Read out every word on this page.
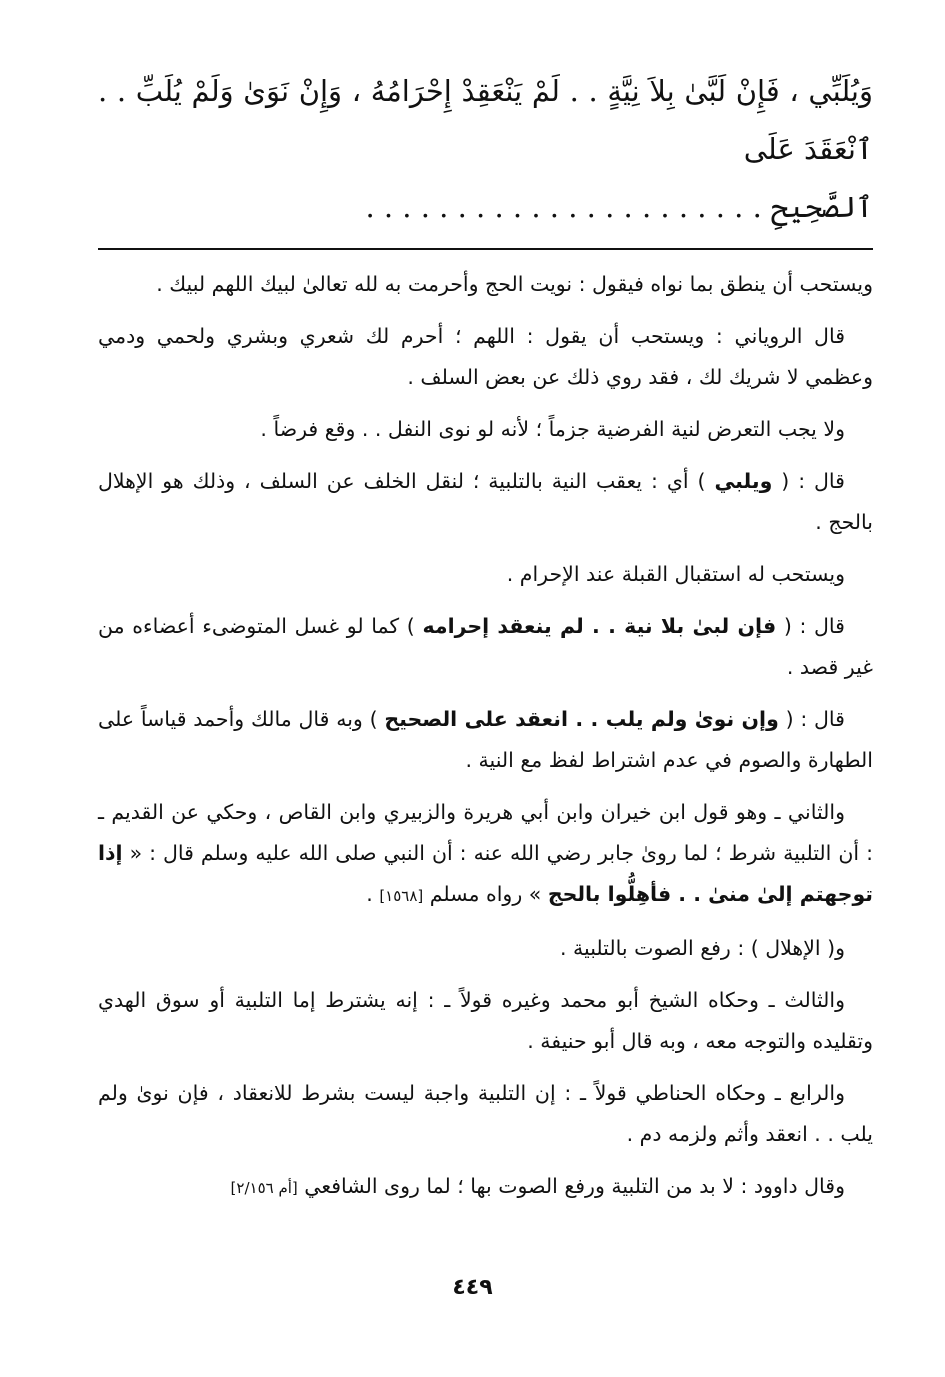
وَيُلَبِّي ، فَإِنْ لَبَّىٰ بِلاَ نِيَّةٍ . . لَمْ يَنْعَقِدْ إِحْرَامُهُ ، وَإِنْ نَوَىٰ وَلَمْ يُلَبِّ . . ٱنْعَقَدَ عَلَى

ٱلصَّحِيحِ . . . . . . . . . . . . . . . . . . . . . .

ويستحب أن ينطق بما نواه فيقول : نويت الحج وأحرمت به لله تعالىٰ لبيك اللهم لبيك .

قال الروياني : ويستحب أن يقول : اللهم ؛ أحرم لك شعري وبشري ولحمي ودمي وعظمي لا شريك لك ، فقد روي ذلك عن بعض السلف .

ولا يجب التعرض لنية الفرضية جزماً ؛ لأنه لو نوى النفل . . وقع فرضاً .

قال : ( ويلبي ) أي : يعقب النية بالتلبية ؛ لنقل الخلف عن السلف ، وذلك هو الإهلال بالحج .

ويستحب له استقبال القبلة عند الإحرام .

قال : ( فإن لبىٰ بلا نية . . لم ينعقد إحرامه ) كما لو غسل المتوضىء أعضاءه من غير قصد .

قال : ( وإن نوىٰ ولم يلب . . انعقد على الصحيح ) وبه قال مالك وأحمد قياساً على الطهارة والصوم في عدم اشتراط لفظ مع النية .

والثاني ـ وهو قول ابن خيران وابن أبي هريرة والزبيري وابن القاص ، وحكي عن القديم ـ : أن التلبية شرط ؛ لما روىٰ جابر رضي الله عنه : أن النبي صلى الله عليه وسلم قال : « إذا توجهتم إلىٰ منىٰ . . فأهِلُّوا بالحج » رواه مسلم [١٥٦٨] .

و( الإهلال ) : رفع الصوت بالتلبية .

والثالث ـ وحكاه الشيخ أبو محمد وغيره قولاً ـ : إنه يشترط إما التلبية أو سوق الهدي وتقليده والتوجه معه ، وبه قال أبو حنيفة .

والرابع ـ وحكاه الحناطي قولاً ـ : إن التلبية واجبة ليست بشرط للانعقاد ، فإن نوىٰ ولم يلب . . انعقد وأثم ولزمه دم .

وقال داوود : لا بد من التلبية ورفع الصوت بها ؛ لما روى الشافعي [أم ٢/١٥٦]

٤٤٩
